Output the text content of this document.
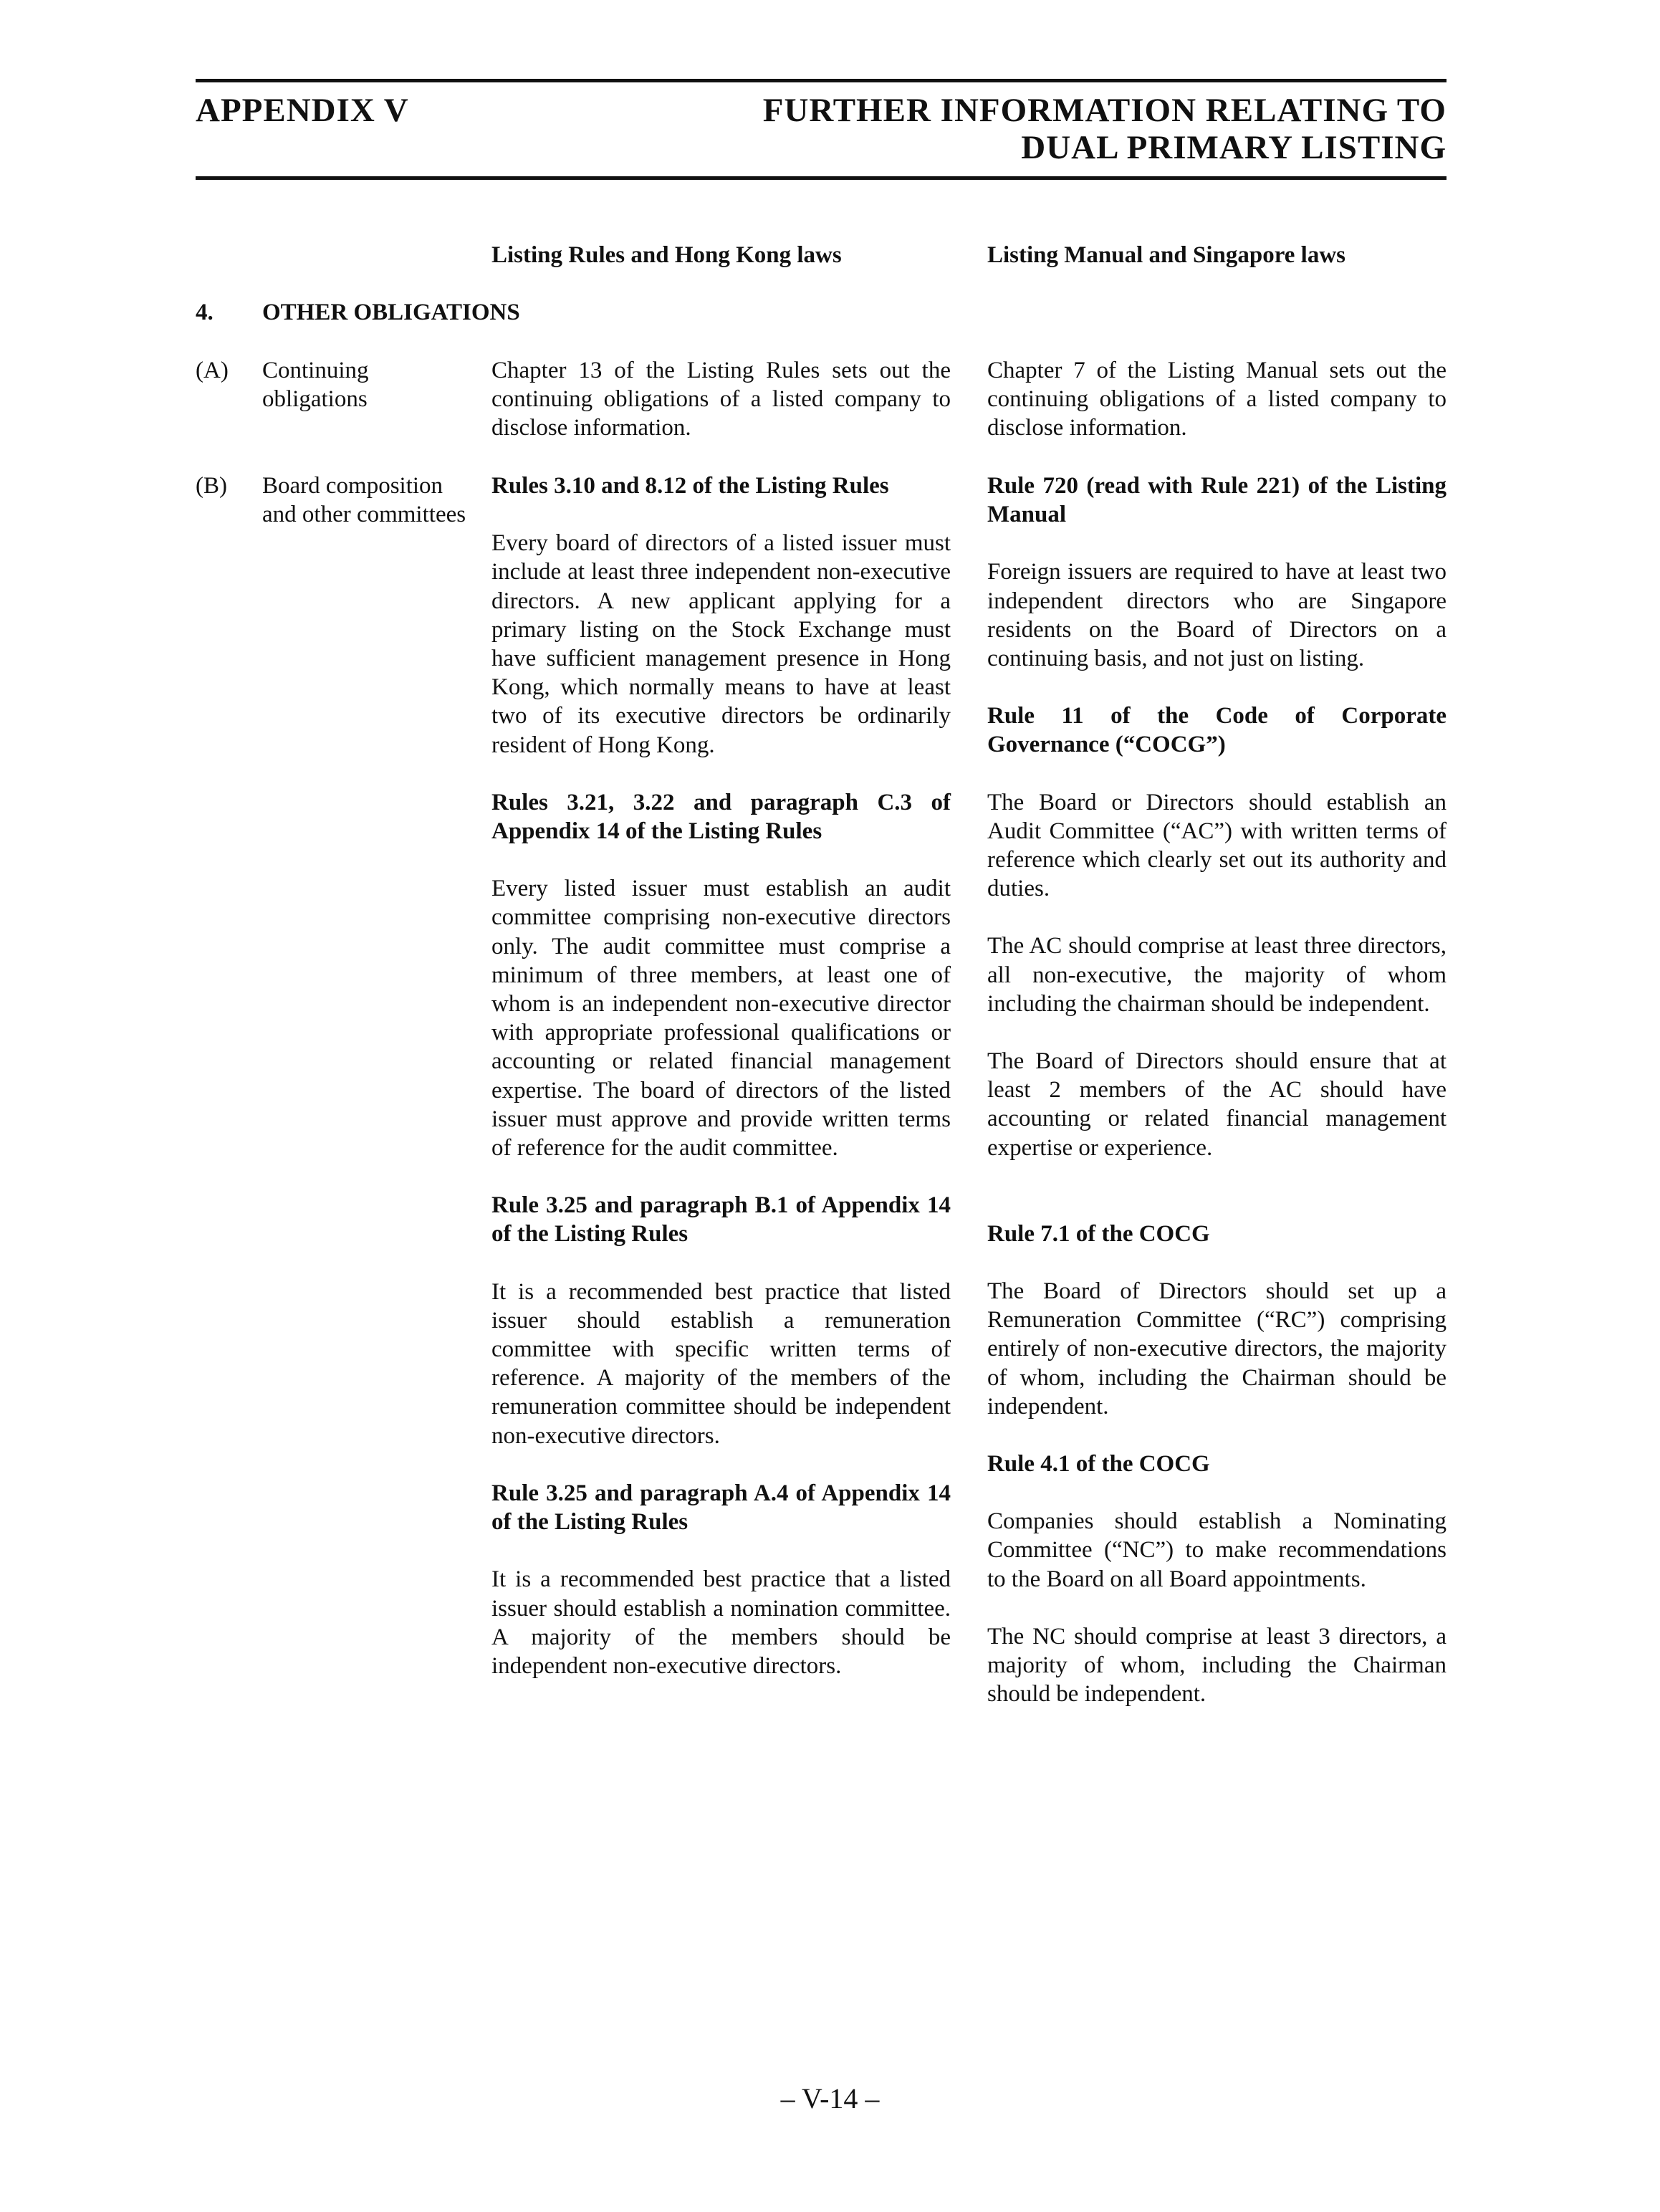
APPENDIX V	FURTHER INFORMATION RELATING TO
DUAL PRIMARY LISTING
Listing Rules and Hong Kong laws	Listing Manual and Singapore laws
4. OTHER OBLIGATIONS
(A) Continuing obligations

Chapter 13 of the Listing Rules sets out the continuing obligations of a listed company to disclose information.

Chapter 7 of the Listing Manual sets out the continuing obligations of a listed company to disclose information.

(B) Board composition and other committees

Rules 3.10 and 8.12 of the Listing Rules

Every board of directors of a listed issuer must include at least three independent non-executive directors. A new applicant applying for a primary listing on the Stock Exchange must have sufficient management presence in Hong Kong, which normally means to have at least two of its executive directors be ordinarily resident of Hong Kong.

Rules 3.21, 3.22 and paragraph C.3 of Appendix 14 of the Listing Rules

Every listed issuer must establish an audit committee comprising non-executive directors only. The audit committee must comprise a minimum of three members, at least one of whom is an independent non-executive director with appropriate professional qualifications or accounting or related financial management expertise. The board of directors of the listed issuer must approve and provide written terms of reference for the audit committee.

Rule 3.25 and paragraph B.1 of Appendix 14 of the Listing Rules

It is a recommended best practice that listed issuer should establish a remuneration committee with specific written terms of reference. A majority of the members of the remuneration committee should be independent non-executive directors.

Rule 3.25 and paragraph A.4 of Appendix 14 of the Listing Rules

It is a recommended best practice that a listed issuer should establish a nomination committee. A majority of the members should be independent non-executive directors.

Rule 720 (read with Rule 221) of the Listing Manual

Foreign issuers are required to have at least two independent directors who are Singapore residents on the Board of Directors on a continuing basis, and not just on listing.

Rule 11 of the Code of Corporate Governance (“COCG”)

The Board or Directors should establish an Audit Committee (“AC”) with written terms of reference which clearly set out its authority and duties.

The AC should comprise at least three directors, all non-executive, the majority of whom including the chairman should be independent.

The Board of Directors should ensure that at least 2 members of the AC should have accounting or related financial management expertise or experience.

Rule 7.1 of the COCG

The Board of Directors should set up a Remuneration Committee (“RC”) comprising entirely of non-executive directors, the majority of whom, including the Chairman should be independent.

Rule 4.1 of the COCG

Companies should establish a Nominating Committee (“NC”) to make recommendations to the Board on all Board appointments.

The NC should comprise at least 3 directors, a majority of whom, including the Chairman should be independent.

– V-14 –
